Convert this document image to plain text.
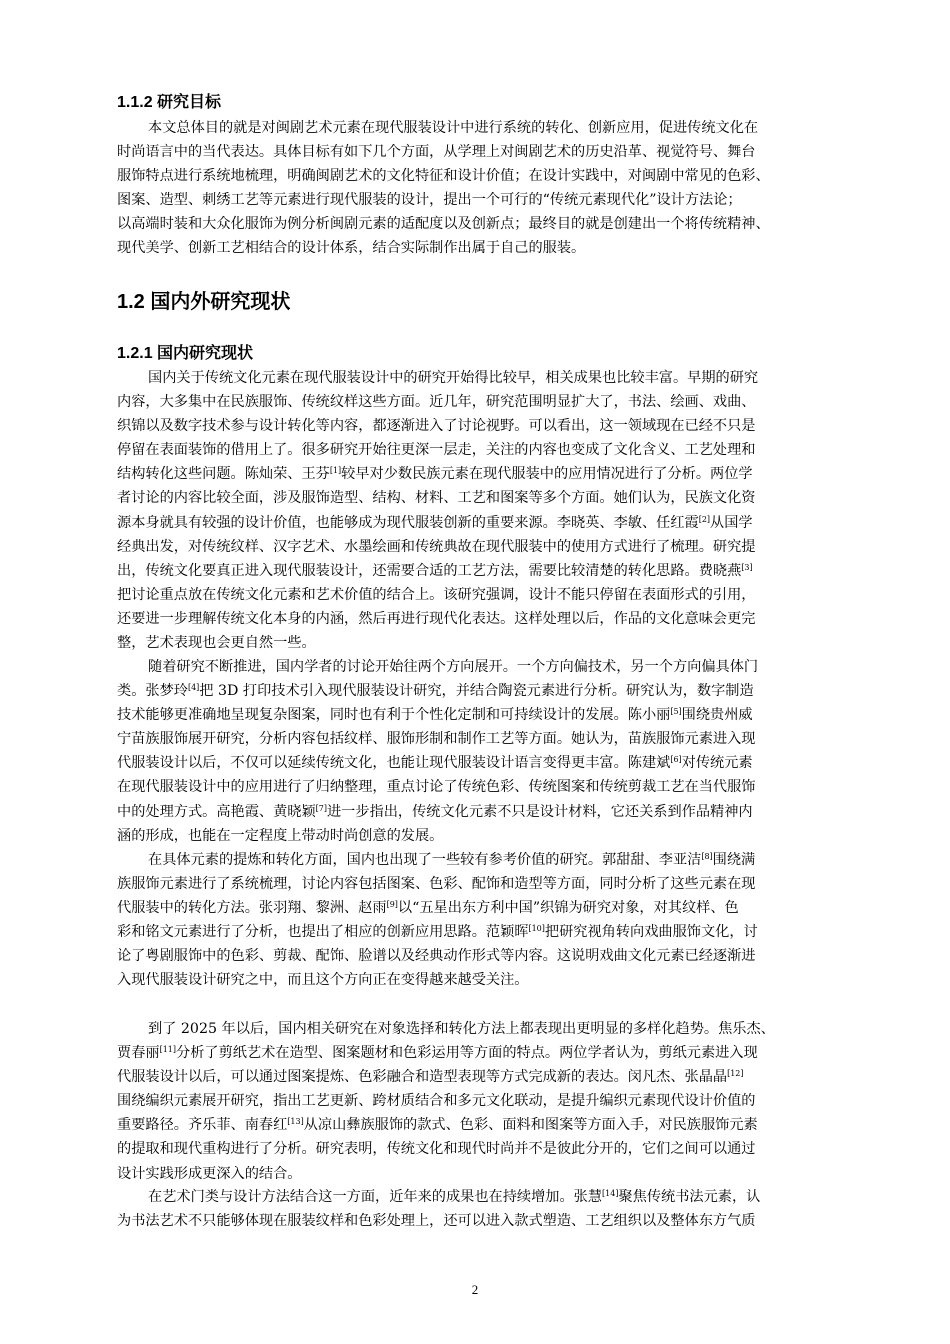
1.1.2 研究目标
本文总体目的就是对闽剧艺术元素在现代服装设计中进行系统的转化、创新应用，促进传统文化在
时尚语言中的当代表达。具体目标有如下几个方面，从学理上对闽剧艺术的历史沿革、视觉符号、舞台
服饰特点进行系统地梳理，明确闽剧艺术的文化特征和设计价值；在设计实践中，对闽剧中常见的色彩、
图案、造型、刺绣工艺等元素进行现代服装的设计，提出一个可行的“传统元素现代化”设计方法论；
以高端时装和大众化服饰为例分析闽剧元素的适配度以及创新点；最终目的就是创建出一个将传统精神、
现代美学、创新工艺相结合的设计体系，结合实际制作出属于自己的服装。
1.2 国内外研究现状
1.2.1 国内研究现状
国内关于传统文化元素在现代服装设计中的研究开始得比较早，相关成果也比较丰富。早期的研究
内容，大多集中在民族服饰、传统纹样这些方面。近几年，研究范围明显扩大了，书法、绘画、戏曲、
织锦以及数字技术参与设计转化等内容，都逐渐进入了讨论视野。可以看出，这一领域现在已经不只是
停留在表面装饰的借用上了。很多研究开始往更深一层走，关注的内容也变成了文化含义、工艺处理和
结构转化这些问题。陈灿荣、王芬[1]较早对少数民族元素在现代服装中的应用情况进行了分析。两位学
者讨论的内容比较全面，涉及服饰造型、结构、材料、工艺和图案等多个方面。她们认为，民族文化资
源本身就具有较强的设计价值，也能够成为现代服装创新的重要来源。李晓英、李敏、任红霞[2]从国学
经典出发，对传统纹样、汉字艺术、水墨绘画和传统典故在现代服装中的使用方式进行了梳理。研究提
出，传统文化要真正进入现代服装设计，还需要合适的工艺方法，需要比较清楚的转化思路。费晓燕[3]
把讨论重点放在传统文化元素和艺术价值的结合上。该研究强调，设计不能只停留在表面形式的引用，
还要进一步理解传统文化本身的内涵，然后再进行现代化表达。这样处理以后，作品的文化意味会更完
整，艺术表现也会更自然一些。
随着研究不断推进，国内学者的讨论开始往两个方向展开。一个方向偏技术，另一个方向偏具体门
类。张梦玲[4]把 3D 打印技术引入现代服装设计研究，并结合陶瓷元素进行分析。研究认为，数字制造
技术能够更准确地呈现复杂图案，同时也有利于个性化定制和可持续设计的发展。陈小丽[5]围绕贵州威
宁苗族服饰展开研究，分析内容包括纹样、服饰形制和制作工艺等方面。她认为，苗族服饰元素进入现
代服装设计以后，不仅可以延续传统文化，也能让现代服装设计语言变得更丰富。陈建斌[6]对传统元素
在现代服装设计中的应用进行了归纳整理，重点讨论了传统色彩、传统图案和传统剪裁工艺在当代服饰
中的处理方式。高艳霞、黄晓颖[7]进一步指出，传统文化元素不只是设计材料，它还关系到作品精神内
涵的形成，也能在一定程度上带动时尚创意的发展。
在具体元素的提炼和转化方面，国内也出现了一些较有参考价值的研究。郭甜甜、李亚洁[8]围绕满
族服饰元素进行了系统梳理，讨论内容包括图案、色彩、配饰和造型等方面，同时分析了这些元素在现
代服装中的转化方法。张羽翔、黎洲、赵雨[9]以“五星出东方利中国”织锦为研究对象，对其纹样、色
彩和铭文元素进行了分析，也提出了相应的创新应用思路。范颖晖[10]把研究视角转向戏曲服饰文化，讨
论了粤剧服饰中的色彩、剪裁、配饰、脸谱以及经典动作形式等内容。这说明戏曲文化元素已经逐渐进
入现代服装设计研究之中，而且这个方向正在变得越来越受关注。
到了 2025 年以后，国内相关研究在对象选择和转化方法上都表现出更明显的多样化趋势。焦乐杰、
贾春丽[11]分析了剪纸艺术在造型、图案题材和色彩运用等方面的特点。两位学者认为，剪纸元素进入现
代服装设计以后，可以通过图案提炼、色彩融合和造型表现等方式完成新的表达。闵凡杰、张晶晶[12]
围绕编织元素展开研究，指出工艺更新、跨材质结合和多元文化联动，是提升编织元素现代设计价值的
重要路径。齐乐菲、南春红[13]从凉山彝族服饰的款式、色彩、面料和图案等方面入手，对民族服饰元素
的提取和现代重构进行了分析。研究表明，传统文化和现代时尚并不是彼此分开的，它们之间可以通过
设计实践形成更深入的结合。
在艺术门类与设计方法结合这一方面，近年来的成果也在持续增加。张慧[14]聚焦传统书法元素，认
为书法艺术不只能够体现在服装纹样和色彩处理上，还可以进入款式塑造、工艺组织以及整体东方气质
2
